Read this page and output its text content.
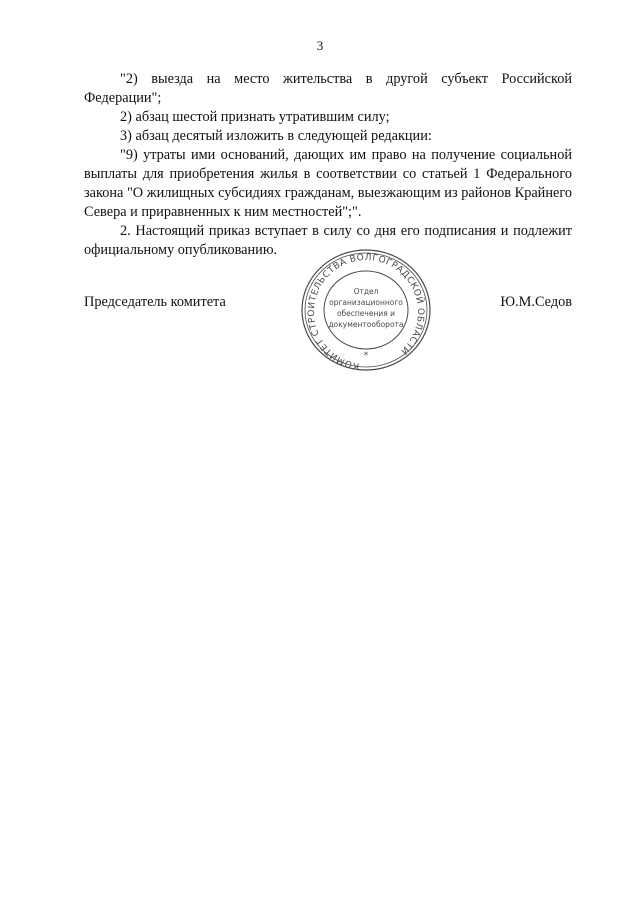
3

"2) выезда на место жительства в другой субъект Российской Федерации";

2) абзац шестой признать утратившим силу;

3) абзац десятый изложить в следующей редакции:

"9) утраты ими оснований, дающих им право на получение социальной выплаты для приобретения жилья в соответствии со статьей 1 Федерального закона "О жилищных субсидиях гражданам, выезжающим из районов Крайнего Севера и приравненных к ним местностей";".

2. Настоящий приказ вступает в силу со дня его подписания и подлежит официальному опубликованию.

Председатель комитета	Ю.М.Седов
КОМИТЕТ СТРОИТЕЛЬСТВА ВОЛГОГРАДСКОЙ ОБЛАСТИ
Отдел
организационного
обеспечения и
документооборота
*
